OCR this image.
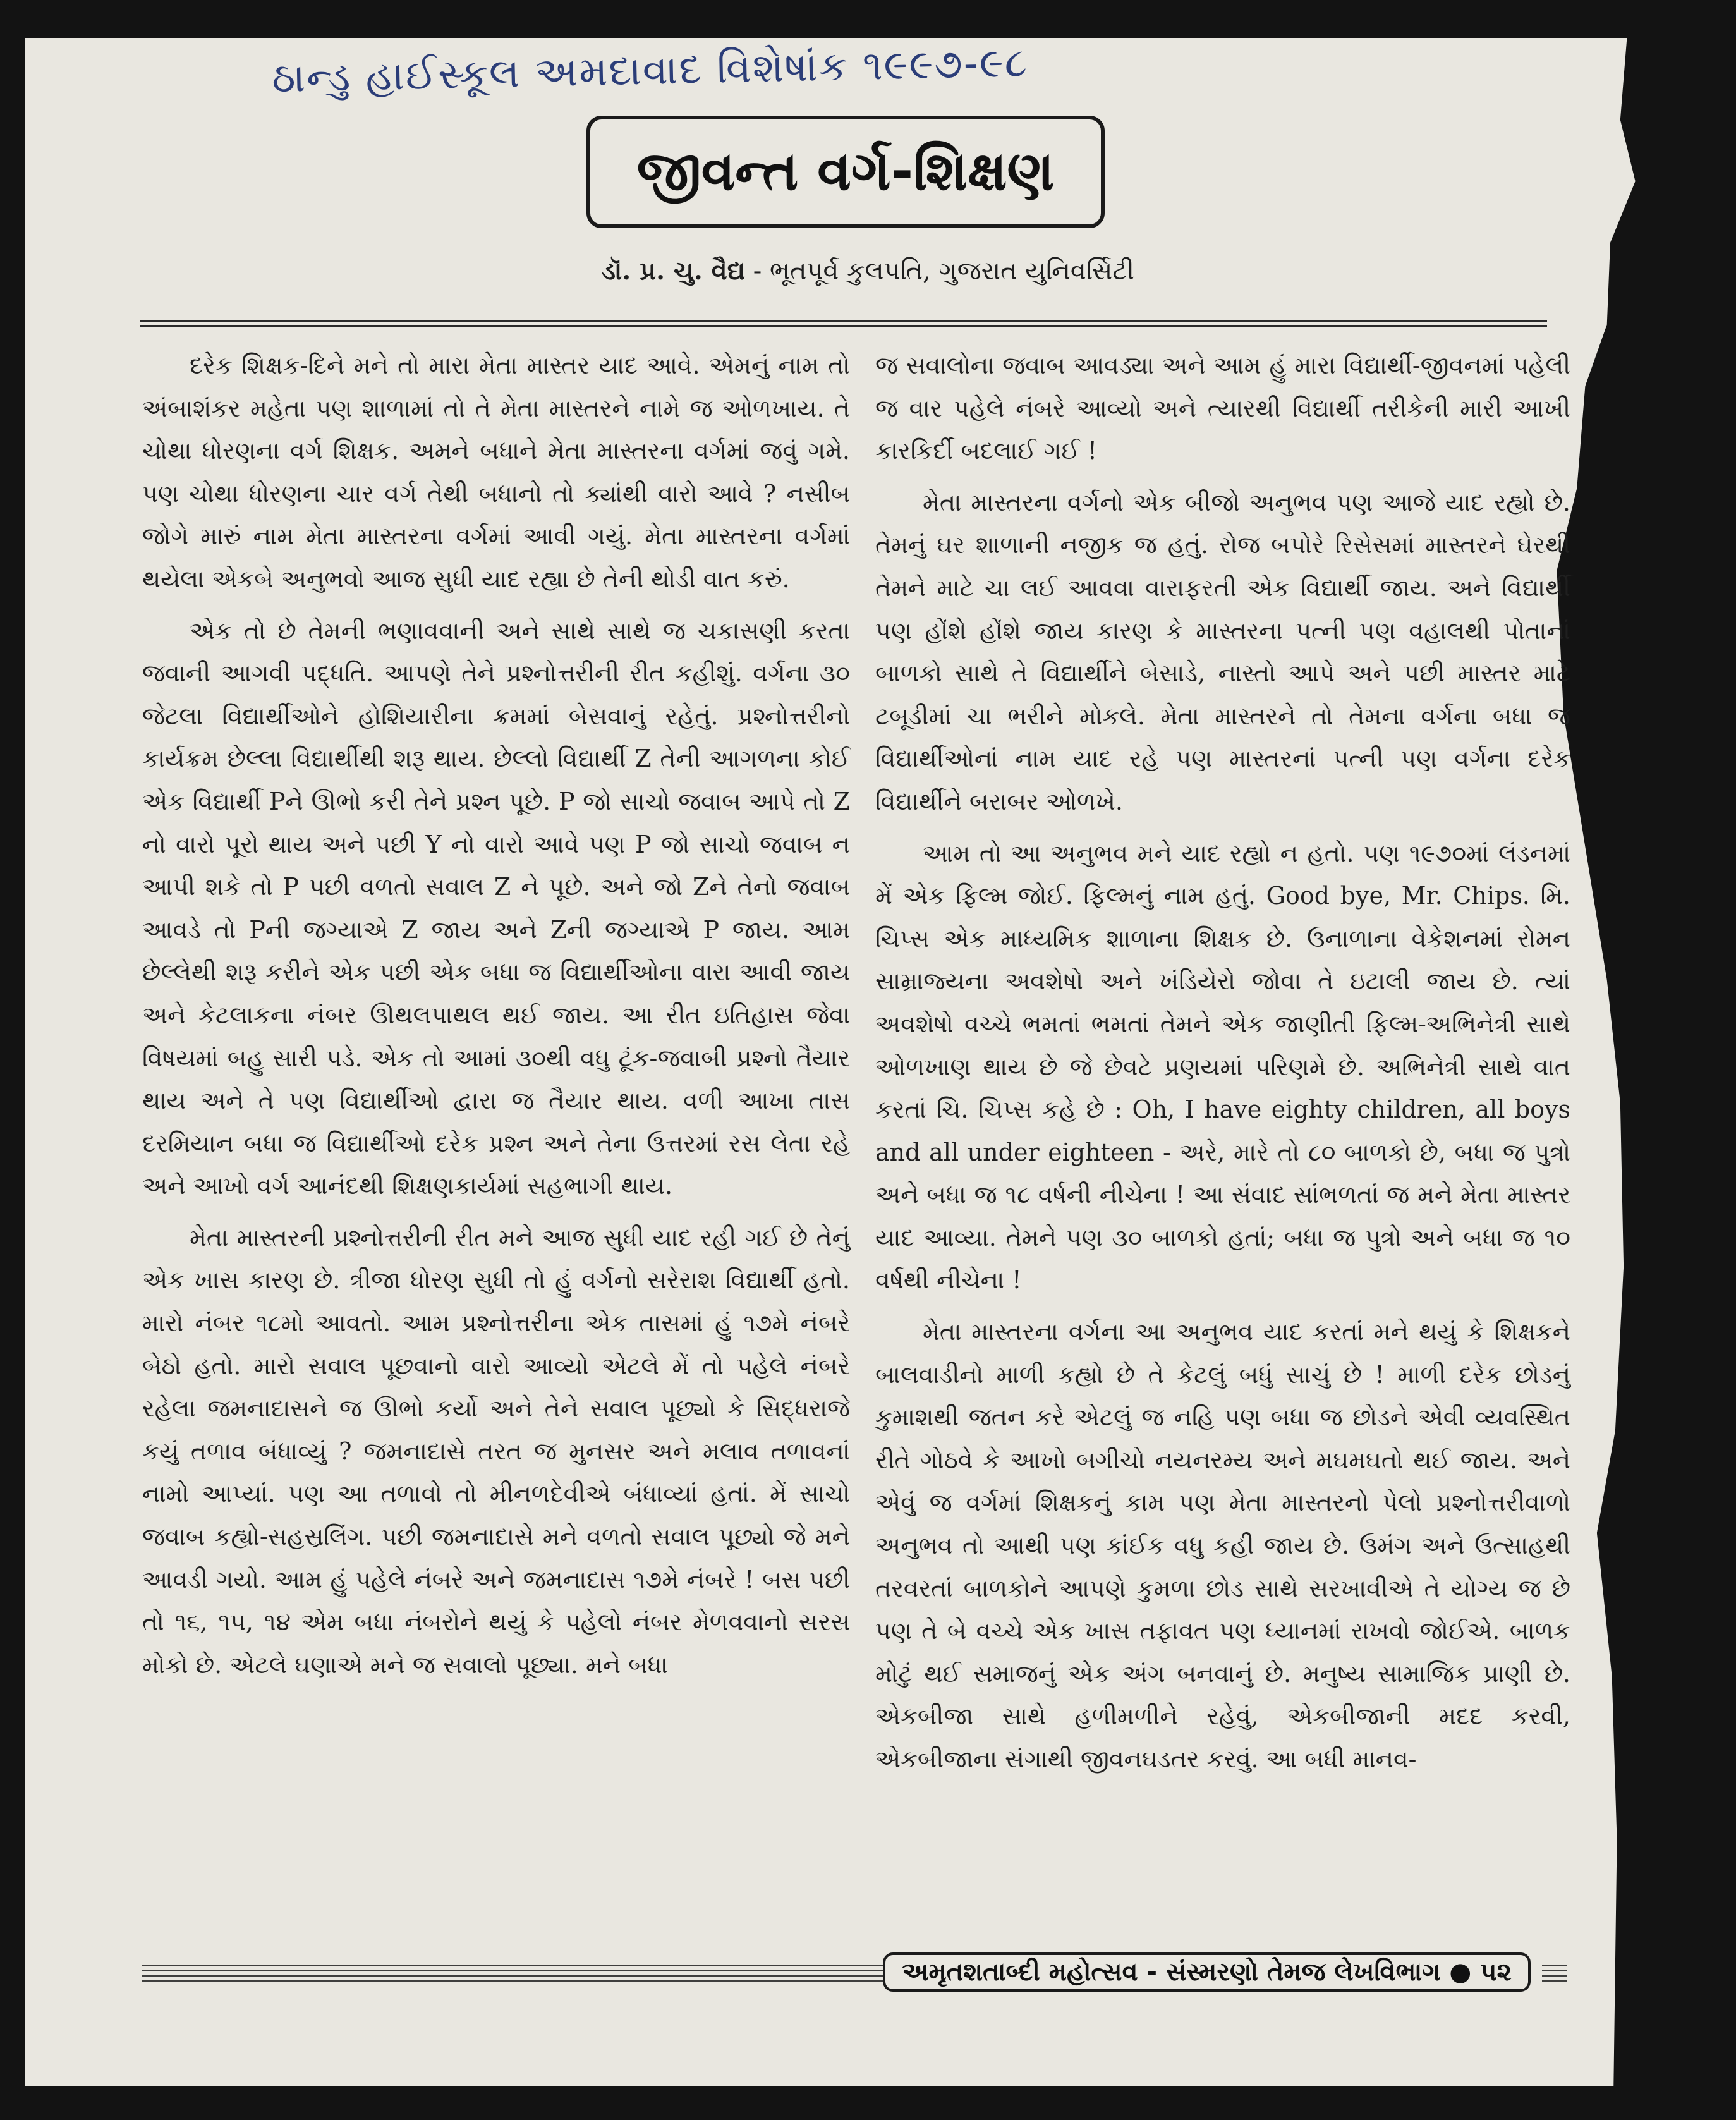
ઠાન્ડુ હાઈસ્કૂલ અમદાવાદ વિશેષાંક ૧૯૯૭-૯૮
જીવન્ત વર્ગ-શિક્ષણ
ડૉ. પ્ર. ચુ. વૈદ્ય - ભૂતપૂર્વ કુલપતિ, ગુજરાત યુનિવર્સિટી

દરેક શિક્ષક-દિને મને તો મારા મેતા માસ્તર યાદ આવે. એમનું નામ તો અંબાશંકર મહેતા પણ શાળામાં તો તે મેતા માસ્તરને નામે જ ઓળખાય. તે ચોથા ધોરણના વર્ગ શિક્ષક. અમને બધાને મેતા માસ્તરના વર્ગમાં જવું ગમે. પણ ચોથા ધોરણના ચાર વર્ગ તેથી બધાનો તો ક્યાંથી વારો આવે ? નસીબ જોગે મારું નામ મેતા માસ્તરના વર્ગમાં આવી ગયું. મેતા માસ્તરના વર્ગમાં થયેલા એકબે અનુભવો આજ સુધી યાદ રહ્યા છે તેની થોડી વાત કરું.

એક તો છે તેમની ભણાવવાની અને સાથે સાથે જ ચકાસણી કરતા જવાની આગવી પદ્ધતિ. આપણે તેને પ્રશ્નોત્તરીની રીત કહીશું. વર્ગના ૩૦ જેટલા વિદ્યાર્થીઓને હોશિયારીના ક્રમમાં બેસવાનું રહેતું. પ્રશ્નોત્તરીનો કાર્યક્રમ છેલ્લા વિદ્યાર્થીથી શરૂ થાય. છેલ્લો વિદ્યાર્થી Z તેની આગળના કોઈ એક વિદ્યાર્થી Pને ઊભો કરી તેને પ્રશ્ન પૂછે. P જો સાચો જવાબ આપે તો Z નો વારો પૂરો થાય અને પછી Y નો વારો આવે પણ P જો સાચો જવાબ ન આપી શકે તો P પછી વળતો સવાલ Z ને પૂછે. અને જો Zને તેનો જવાબ આવડે તો Pની જગ્યાએ Z જાય અને Zની જગ્યાએ P જાય. આમ છેલ્લેથી શરૂ કરીને એક પછી એક બધા જ વિદ્યાર્થીઓના વારા આવી જાય અને કેટલાકના નંબર ઊથલપાથલ થઈ જાય. આ રીત ઇતિહાસ જેવા વિષયમાં બહુ સારી પડે. એક તો આમાં ૩૦થી વધુ ટૂંક-જવાબી પ્રશ્નો તૈયાર થાય અને તે પણ વિદ્યાર્થીઓ દ્વારા જ તૈયાર થાય. વળી આખા તાસ દરમિયાન બધા જ વિદ્યાર્થીઓ દરેક પ્રશ્ન અને તેના ઉત્તરમાં રસ લેતા રહે અને આખો વર્ગ આનંદથી શિક્ષણકાર્યમાં સહભાગી થાય.

મેતા માસ્તરની પ્રશ્નોત્તરીની રીત મને આજ સુધી યાદ રહી ગઈ છે તેનું એક ખાસ કારણ છે. ત્રીજા ધોરણ સુધી તો હું વર્ગનો સરેરાશ વિદ્યાર્થી હતો. મારો નંબર ૧૮મો આવતો. આમ પ્રશ્નોત્તરીના એક તાસમાં હું ૧૭મે નંબરે બેઠો હતો. મારો સવાલ પૂછવાનો વારો આવ્યો એટલે મેં તો પહેલે નંબરે રહેલા જમનાદાસને જ ઊભો કર્યો અને તેને સવાલ પૂછ્યો કે સિદ્ધરાજે કયું તળાવ બંધાવ્યું ? જમનાદાસે તરત જ મુનસર અને મલાવ તળાવનાં નામો આપ્યાં. પણ આ તળાવો તો મીનળદેવીએ બંધાવ્યાં હતાં. મેં સાચો જવાબ કહ્યો-સહસ્રલિંગ. પછી જમનાદાસે મને વળતો સવાલ પૂછ્યો જે મને આવડી ગયો. આમ હું પહેલે નંબરે અને જમનાદાસ ૧૭મે નંબરે ! બસ પછી તો ૧૬, ૧૫, ૧૪ એમ બધા નંબરોને થયું કે પહેલો નંબર મેળવવાનો સરસ મોકો છે. એટલે ઘણાએ મને જ સવાલો પૂછ્યા. મને બધા

જ સવાલોના જવાબ આવડ્યા અને આમ હું મારા વિદ્યાર્થી-જીવનમાં પહેલી જ વાર પહેલે નંબરે આવ્યો અને ત્યારથી વિદ્યાર્થી તરીકેની મારી આખી કારકિર્દી બદલાઈ ગઈ !

મેતા માસ્તરના વર્ગનો એક બીજો અનુભવ પણ આજે યાદ રહ્યો છે. તેમનું ઘર શાળાની નજીક જ હતું. રોજ બપોરે રિસેસમાં માસ્તરને ઘેરથી તેમને માટે ચા લઈ આવવા વારાફરતી એક વિદ્યાર્થી જાય. અને વિદ્યાર્થી પણ હોંશે હોંશે જાય કારણ કે માસ્તરના પત્ની પણ વહાલથી પોતાનાં બાળકો સાથે તે વિદ્યાર્થીને બેસાડે, નાસ્તો આપે અને પછી માસ્તર માટે ટબૂડીમાં ચા ભરીને મોકલે. મેતા માસ્તરને તો તેમના વર્ગના બધા જ વિદ્યાર્થીઓનાં નામ યાદ રહે પણ માસ્તરનાં પત્ની પણ વર્ગના દરેક વિદ્યાર્થીને બરાબર ઓળખે.

આમ તો આ અનુભવ મને યાદ રહ્યો ન હતો. પણ ૧૯૭૦માં લંડનમાં મેં એક ફિલ્મ જોઈ. ફિલ્મનું નામ હતું. Good bye, Mr. Chips. મિ. ચિપ્સ એક માધ્યમિક શાળાના શિક્ષક છે. ઉનાળાના વેકેશનમાં રોમન સામ્રાજ્યના અવશેષો અને ખંડિયેરો જોવા તે ઇટાલી જાય છે. ત્યાં અવશેષો વચ્ચે ભમતાં ભમતાં તેમને એક જાણીતી ફિલ્મ-અભિનેત્રી સાથે ઓળખાણ થાય છે જે છેવટે પ્રણયમાં પરિણમે છે. અભિનેત્રી સાથે વાત કરતાં ચિ. ચિપ્સ કહે છે : Oh, I have eighty children, all boys and all under eighteen - અરે, મારે તો ૮૦ બાળકો છે, બધા જ પુત્રો અને બધા જ ૧૮ વર્ષની નીચેના ! આ સંવાદ સાંભળતાં જ મને મેતા માસ્તર યાદ આવ્યા. તેમને પણ ૩૦ બાળકો હતાં; બધા જ પુત્રો અને બધા જ ૧૦ વર્ષથી નીચેના !

મેતા માસ્તરના વર્ગના આ અનુભવ યાદ કરતાં મને થયું કે શિક્ષકને બાલવાડીનો માળી કહ્યો છે તે કેટલું બધું સાચું છે ! માળી દરેક છોડનું કુમાશથી જતન કરે એટલું જ નહિ પણ બધા જ છોડને એવી વ્યવસ્થિત રીતે ગોઠવે કે આખો બગીચો નયનરમ્ય અને મઘમઘતો થઈ જાય. અને એવું જ વર્ગમાં શિક્ષકનું કામ પણ મેતા માસ્તરનો પેલો પ્રશ્નોત્તરીવાળો અનુભવ તો આથી પણ કાંઈક વધુ કહી જાય છે. ઉમંગ અને ઉત્સાહથી તરવરતાં બાળકોને આપણે કુમળા છોડ સાથે સરખાવીએ તે યોગ્ય જ છે પણ તે બે વચ્ચે એક ખાસ તફાવત પણ ધ્યાનમાં રાખવો જોઈએ. બાળક મોટું થઈ સમાજનું એક અંગ બનવાનું છે. મનુષ્ય સામાજિક પ્રાણી છે. એકબીજા સાથે હળીમળીને રહેવું, એકબીજાની મદદ કરવી, એકબીજાના સંગાથી જીવનઘડતર કરવું. આ બધી માનવ-

અમૃતશતાબ્દી મહોત્સવ - સંસ્મરણો તેમજ લેખવિભાગ ● ૫૨
